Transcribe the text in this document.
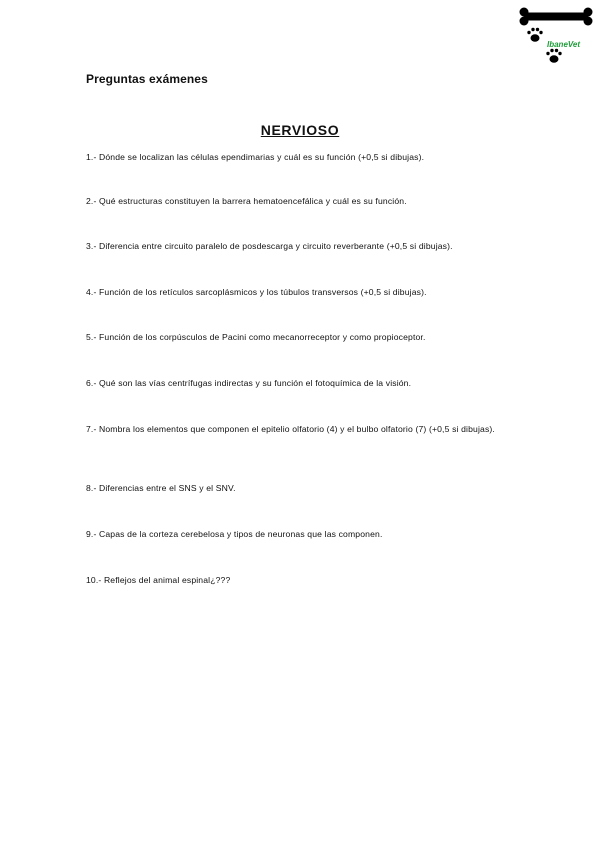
IbaneVet
Preguntas exámenes
NERVIOSO
1.- Dónde se localizan las células ependimarias y cuál es su función (+0,5 si dibujas).
2.- Qué estructuras constituyen la barrera hematoencefálica y cuál es su función.
3.- Diferencia entre circuito paralelo de posdescarga y circuito reverberante (+0,5 si dibujas).
4.- Función de los retículos sarcoplásmicos y los túbulos transversos (+0,5 si dibujas).
5.- Función de los corpúsculos de Pacini como mecanorreceptor y como propioceptor.
6.- Qué son las vías centrífugas indirectas y su función el fotoquímica de la visión.
7.- Nombra los elementos que componen el epitelio olfatorio (4) y el bulbo olfatorio (7) (+0,5 si dibujas).
8.- Diferencias entre el SNS y el SNV.
9.- Capas de la corteza cerebelosa y tipos de neuronas que las componen.
10.- Reflejos del animal espinal¿???
